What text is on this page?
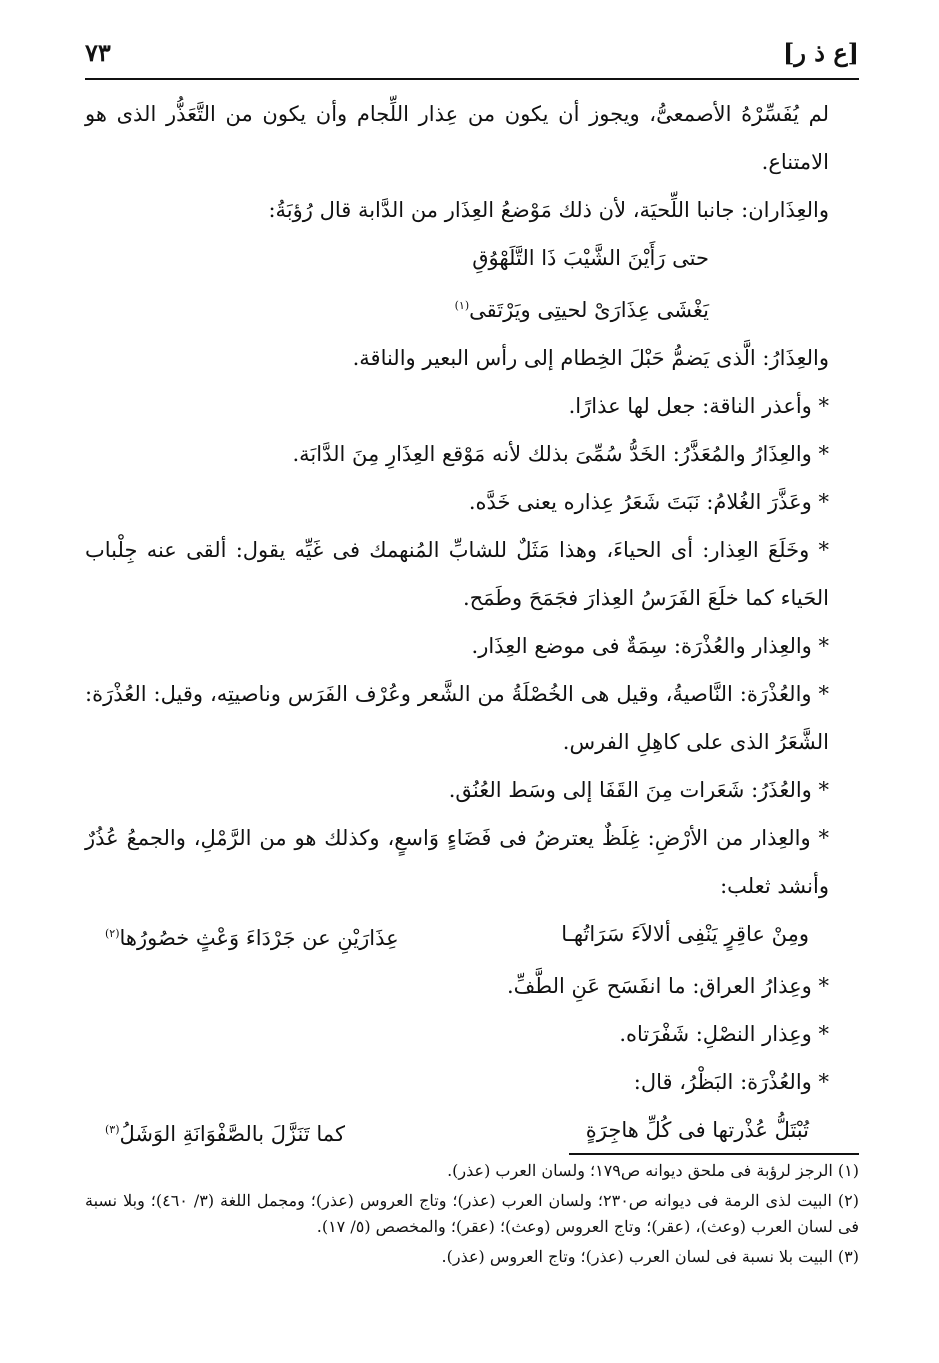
[ع ذ ر]
٧٣

لم يُفَسِّرْهُ الأصمعىُّ، ويجوز أن يكون من عِذار اللِّجام وأن يكون من التَّعَذُّر الذى هو الامتناع.

والعِذَاران: جانبا اللِّحيَة، لأن ذلك مَوْضعُ العِذَار من الدَّابة قال رُؤبَةُ:

حتى رَأَيْنَ الشَّيْبَ ذَا التَّلَهْوُقِ

يَغْشَى عِذَارَىْ لحيتِى ويَرْتَقى$^{(١)}$

والعِذَارُ: الَّذى يَضمُّ حَبْلَ الخِطام إلى رأس البعير والناقة.

* وأعذر الناقة: جعل لها عذارًا.

* والعِذَارُ والمُعَذَّرُ: الخَدُّ سُمِّىَ بذلك لأنه مَوْقع العِذَارِ مِنَ الدَّابَة.

* وعَذَّرَ الغُلامُ: نَبَتَ شَعَرُ عِذاره يعنى خَدَّه.

* وخَلَعَ العِذار: أى الحياءَ، وهذا مَثَلٌ للشابِّ المُنهمك فى غَيِّه يقول: ألقى عنه جِلْباب الحَياء كما خلَعَ الفَرَسُ العِذارَ فجَمَحَ وطَمَح.

* والعِذار والعُذْرَة: سِمَةٌ فى موضع العِذَار.

* والعُذْرَة: النَّاصيةُ، وقيل هى الخُصْلَةُ من الشَّعر وعُرْف الفَرَس وناصيتِه، وقيل: العُذْرَة: الشَّعَرُ الذى على كاهِلِ الفرس.

* والعُذَرُ: شَعَرات مِنَ القَفَا إلى وسَط العُنُق.

* والعِذار من الأرْضِ: غِلَظٌ يعترضُ فى فَضَاءٍ وَاسعٍ، وكذلك هو من الرَّمْلِ، والجمعُ عُذُرٌ وأنشد ثعلب:

ومِنْ عاقِرٍ يَنْفِى ألالاَءَ سَرَاتُهـا
عِذَارَيْنِ عن جَرْدَاءَ وَعْثٍ خصُورُها$^{(٢)}$

* وعِذارُ العراق: ما انفَسَح عَنِ الطَّفِّ.

* وعِذار النصْلِ: شَفْرَتاه.

* والعُذْرَة: البَظْرُ، قال:

تُبْتَلُّ عُذْرتها فى كُلِّ هاجِرَةٍ
كما تَنَزَّلَ بالصَّفْوَانَةِ الوَشَلُ$^{(٣)}$

(١) الرجز لرؤبة فى ملحق ديوانه ص١٧٩؛ ولسان العرب (عذر).

(٢) البيت لذى الرمة فى ديوانه ص٢٣٠؛ ولسان العرب (عذر)؛ وتاج العروس (عذر)؛ ومجمل اللغة (٣/ ٤٦٠)؛ وبلا نسبة فى لسان العرب (وعث)، (عقر)؛ وتاج العروس (وعث)؛ (عقر)؛ والمخصص (٥/ ١٧).

(٣) البيت بلا نسبة فى لسان العرب (عذر)؛ وتاج العروس (عذر).
